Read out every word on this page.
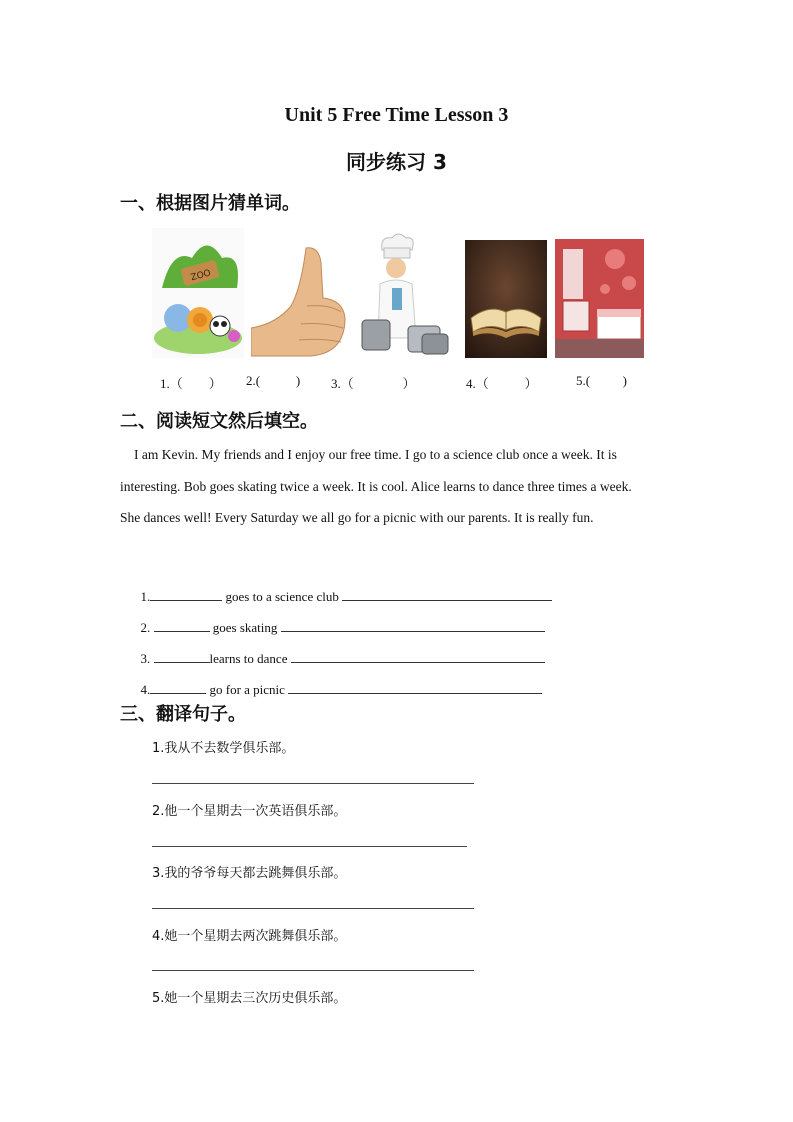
Unit 5 Free Time Lesson 3
同步练习 3
一、根据图片猜单词。
ZOO
1.（        ） 2.(           ) 3.（               ）	4.（           ）	5.(          )
二、阅读短文然后填空。
I am Kevin. My friends and I enjoy our free time. I go to a science club once a week. It is
interesting. Bob goes skating twice a week. It is cool. Alice learns to dance three times a week.
She dances well! Every Saturday we all go for a picnic with our parents. It is really fun.

1.	goes to a science club

2.	goes skating

3.	learns to dance

4.	go for a picnic

三、翻译句子。
1.我从不去数学俱乐部。
2.他一个星期去一次英语俱乐部。
3.我的爷爷每天都去跳舞俱乐部。
4.她一个星期去两次跳舞俱乐部。
5.她一个星期去三次历史俱乐部。
